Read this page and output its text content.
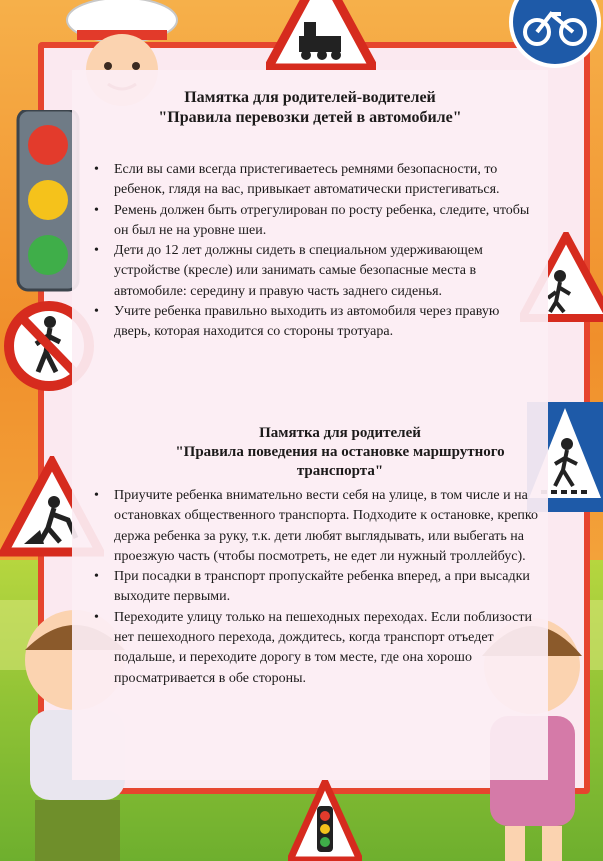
Памятка для родителей-водителей
"Правила перевозки детей в автомобиле"
• Если вы сами всегда пристегиваетесь ремнями безопасности, то ребенок, глядя на вас, привыкает автоматически пристегиваться.
• Ремень должен быть отрегулирован по росту ребенка, следите, чтобы он был не на уровне шеи.
• Дети до 12 лет должны сидеть в специальном удерживающем устройстве (кресле) или занимать самые безопасные места в автомобиле: середину и правую часть заднего сиденья.
• Учите ребенка правильно выходить из автомобиля через правую дверь, которая находится со стороны тротуара.
Памятка для родителей
"Правила поведения на остановке маршрутного
транспорта"
• Приучите ребенка внимательно вести себя на улице, в том числе и на остановках общественного транспорта. Подходите к остановке, крепко держа ребенка за руку, т.к. дети любят выглядывать, или выбегать на проезжую часть (чтобы посмотреть, не едет ли нужный троллейбус).
• При посадки в транспорт пропускайте ребенка вперед, а при высадки выходите первыми.
• Переходите улицу только на пешеходных переходах. Если поблизости нет пешеходного перехода, дождитесь, когда транспорт отъедет подальше, и переходите дорогу в том месте, где она хорошо просматривается в обе стороны.
